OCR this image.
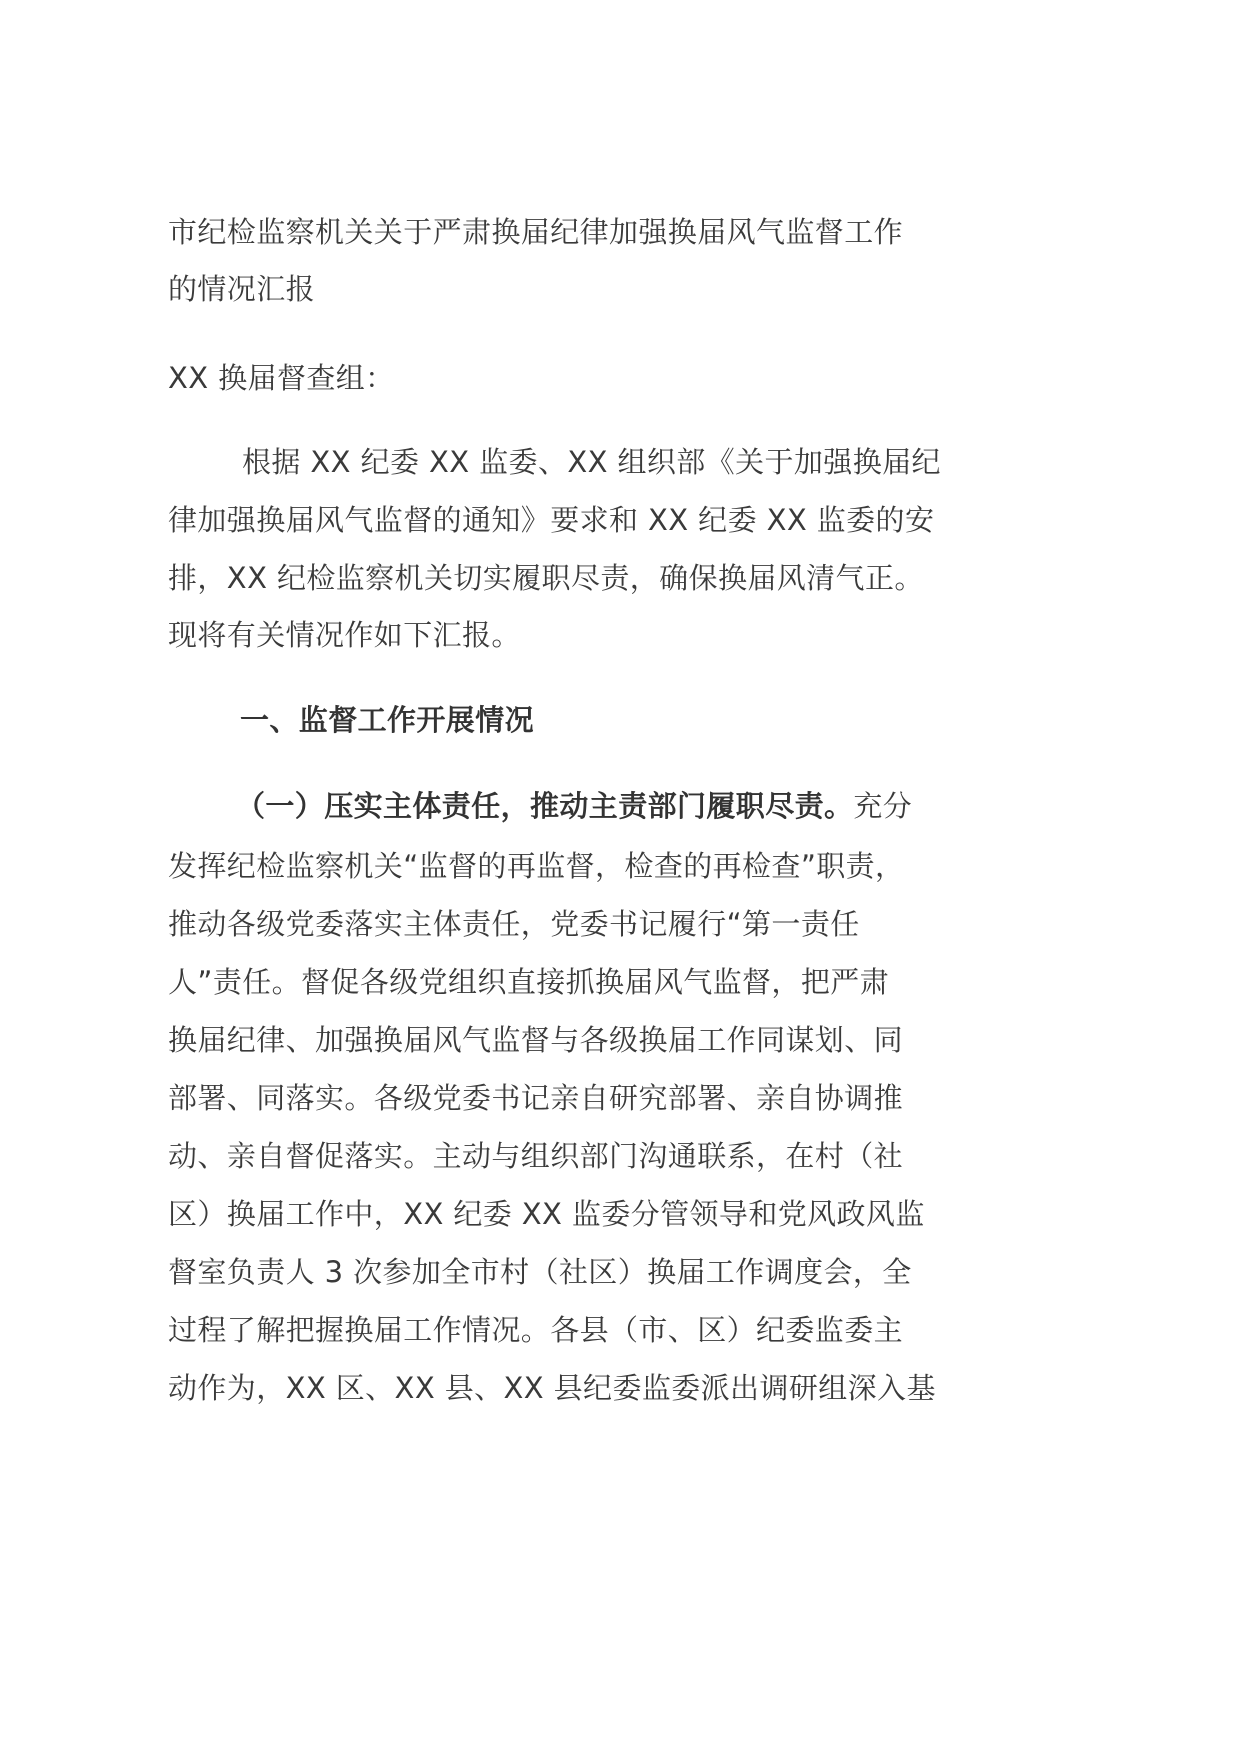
市纪检监察机关关于严肃换届纪律加强换届风气监督工作
的情况汇报
XX 换届督查组：
根据 XX 纪委 XX 监委、XX 组织部《关于加强换届纪
律加强换届风气监督的通知》要求和 XX 纪委 XX 监委的安
排，XX 纪检监察机关切实履职尽责，确保换届风清气正。
现将有关情况作如下汇报。
一、监督工作开展情况
（一）压实主体责任，推动主责部门履职尽责。充分
发挥纪检监察机关“监督的再监督，检查的再检查”职责，
推动各级党委落实主体责任，党委书记履行“第一责任
人”责任。督促各级党组织直接抓换届风气监督，把严肃
换届纪律、加强换届风气监督与各级换届工作同谋划、同
部署、同落实。各级党委书记亲自研究部署、亲自协调推
动、亲自督促落实。主动与组织部门沟通联系，在村（社
区）换届工作中，XX 纪委 XX 监委分管领导和党风政风监
督室负责人 3 次参加全市村（社区）换届工作调度会，全
过程了解把握换届工作情况。各县（市、区）纪委监委主
动作为，XX 区、XX 县、XX 县纪委监委派出调研组深入基
